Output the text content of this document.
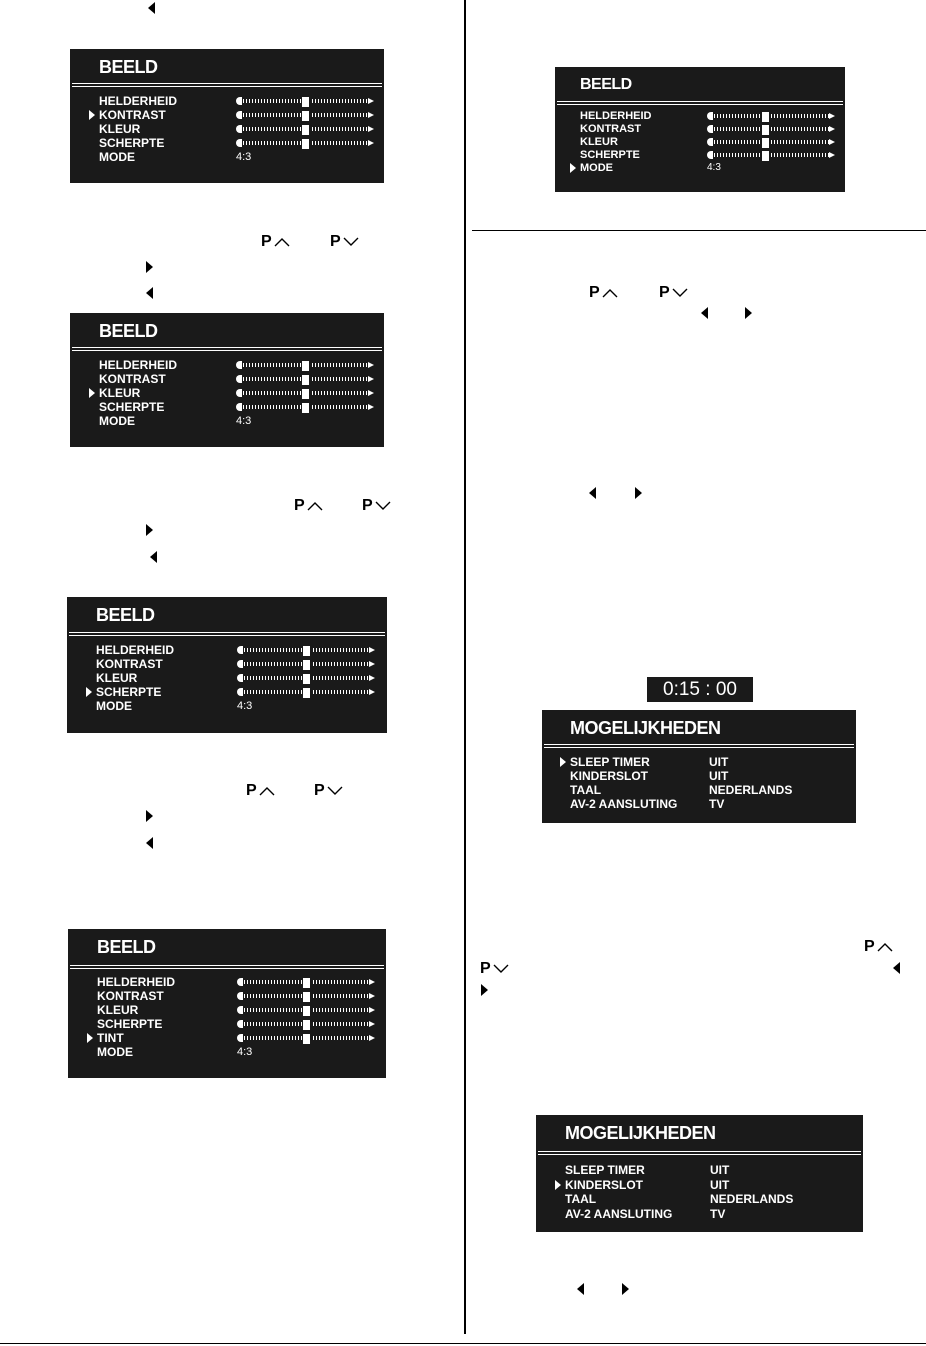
P	P
P	P
P	P
P	P
P
P
BEELD
HELDERHEID
KONTRAST
KLEUR
SCHERPTE
MODE	4:3
BEELD
HELDERHEID
KONTRAST
KLEUR
SCHERPTE
MODE	4:3
BEELD
HELDERHEID
KONTRAST
KLEUR
SCHERPTE
MODE	4:3
BEELD
HELDERHEID
KONTRAST
KLEUR
SCHERPTE
MODE	4:3
BEELD
HELDERHEID
KONTRAST
KLEUR
SCHERPTE
TINT
MODE	4:3
MOGELIJKHEDEN
SLEEP TIMER	UIT
KINDERSLOT	UIT
TAAL	NEDERLANDS
AV-2 AANSLUTING	TV
MOGELIJKHEDEN
SLEEP TIMER	UIT
KINDERSLOT	UIT
TAAL	NEDERLANDS
AV-2 AANSLUTING	TV
0:15 : 00
